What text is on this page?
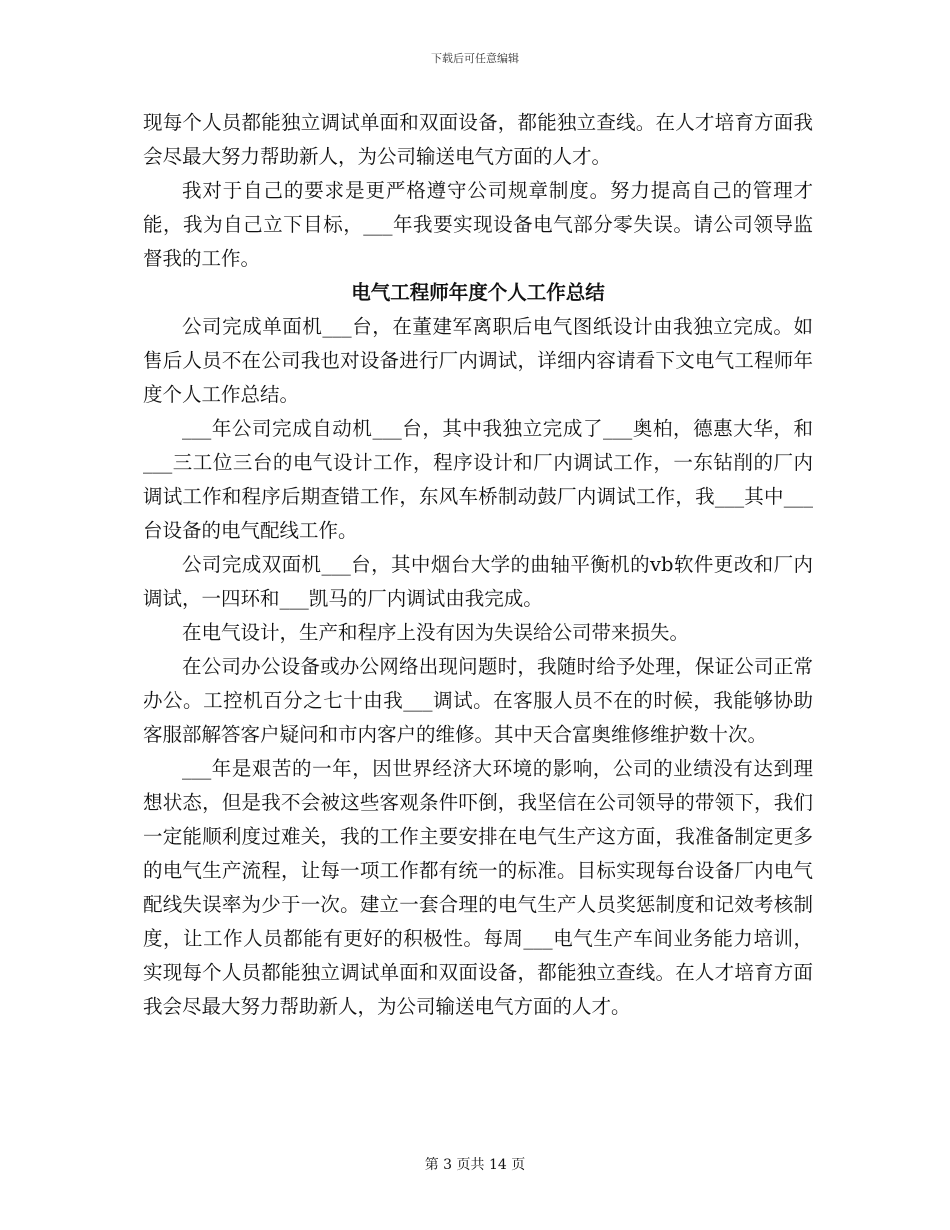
下载后可任意编辑

现每个人员都能独立调试单面和双面设备，都能独立查线。在人才培育方面我会尽最大努力帮助新人，为公司输送电气方面的人才。

我对于自己的要求是更严格遵守公司规章制度。努力提高自己的管理才能，我为自己立下目标，___年我要实现设备电气部分零失误。请公司领导监督我的工作。

电气工程师年度个人工作总结

公司完成单面机___台，在董建军离职后电气图纸设计由我独立完成。如售后人员不在公司我也对设备进行厂内调试，详细内容请看下文电气工程师年度个人工作总结。

___年公司完成自动机___台，其中我独立完成了___奥柏，德惠大华，和___三工位三台的电气设计工作，程序设计和厂内调试工作，一东钻削的厂内调试工作和程序后期查错工作，东风车桥制动鼓厂内调试工作，我___其中___台设备的电气配线工作。

公司完成双面机___台，其中烟台大学的曲轴平衡机的vb软件更改和厂内调试，一四环和___凯马的厂内调试由我完成。

在电气设计，生产和程序上没有因为失误给公司带来损失。

在公司办公设备或办公网络出现问题时，我随时给予处理，保证公司正常办公。工控机百分之七十由我___调试。在客服人员不在的时候，我能够协助客服部解答客户疑问和市内客户的维修。其中天合富奥维修维护数十次。

___年是艰苦的一年，因世界经济大环境的影响，公司的业绩没有达到理想状态，但是我不会被这些客观条件吓倒，我坚信在公司领导的带领下，我们一定能顺利度过难关，我的工作主要安排在电气生产这方面，我准备制定更多的电气生产流程，让每一项工作都有统一的标准。目标实现每台设备厂内电气配线失误率为少于一次。建立一套合理的电气生产人员奖惩制度和记效考核制度，让工作人员都能有更好的积极性。每周___电气生产车间业务能力培训，实现每个人员都能独立调试单面和双面设备，都能独立查线。在人才培育方面我会尽最大努力帮助新人，为公司输送电气方面的人才。

第 3 页共 14 页
